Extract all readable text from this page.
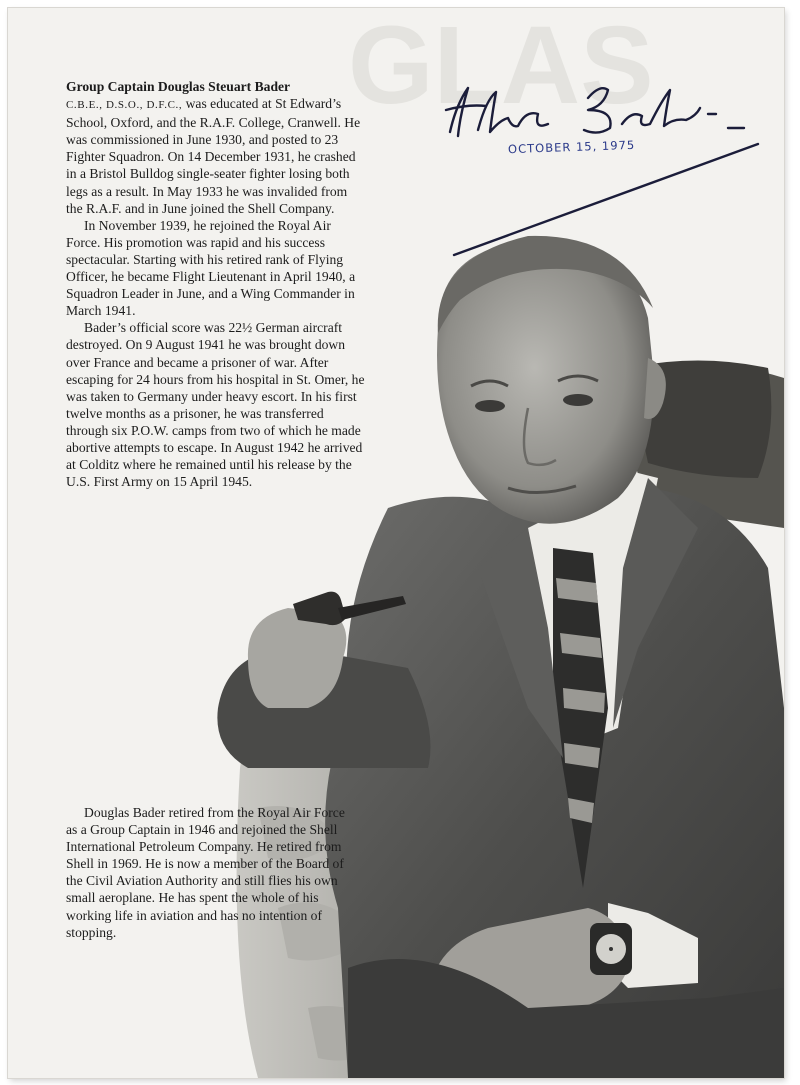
GLAS

Group Captain Douglas Steuart Bader
C.B.E., D.S.O., D.F.C., was educated at St Edward’s School, Oxford, and the R.A.F. College, Cranwell. He was commissioned in June 1930, and posted to 23 Fighter Squadron. On 14 December 1931, he crashed in a Bristol Bulldog single-seater fighter losing both legs as a result. In May 1933 he was invalided from the R.A.F. and in June joined the Shell Company.

In November 1939, he rejoined the Royal Air Force. His promotion was rapid and his success spectacular. Starting with his retired rank of Flying Officer, he became Flight Lieutenant in April 1940, a Squadron Leader in June, and a Wing Commander in March 1941.

Bader’s official score was 22½ German aircraft destroyed. On 9 August 1941 he was brought down over France and became a prisoner of war. After escaping for 24 hours from his hospital in St. Omer, he was taken to Germany under heavy escort. In his first twelve months as a prisoner, he was transferred through six P.O.W. camps from two of which he made abortive attempts to escape. In August 1942 he arrived at Colditz where he remained until his release by the U.S. First Army on 15 April 1945.

Douglas Bader retired from the Royal Air Force as a Group Captain in 1946 and rejoined the Shell International Petroleum Company. He retired from Shell in 1969. He is now a member of the Board of the Civil Aviation Authority and still flies his own small aeroplane. He has spent the whole of his working life in aviation and has no intention of stopping.

OCTOBER 15, 1975
